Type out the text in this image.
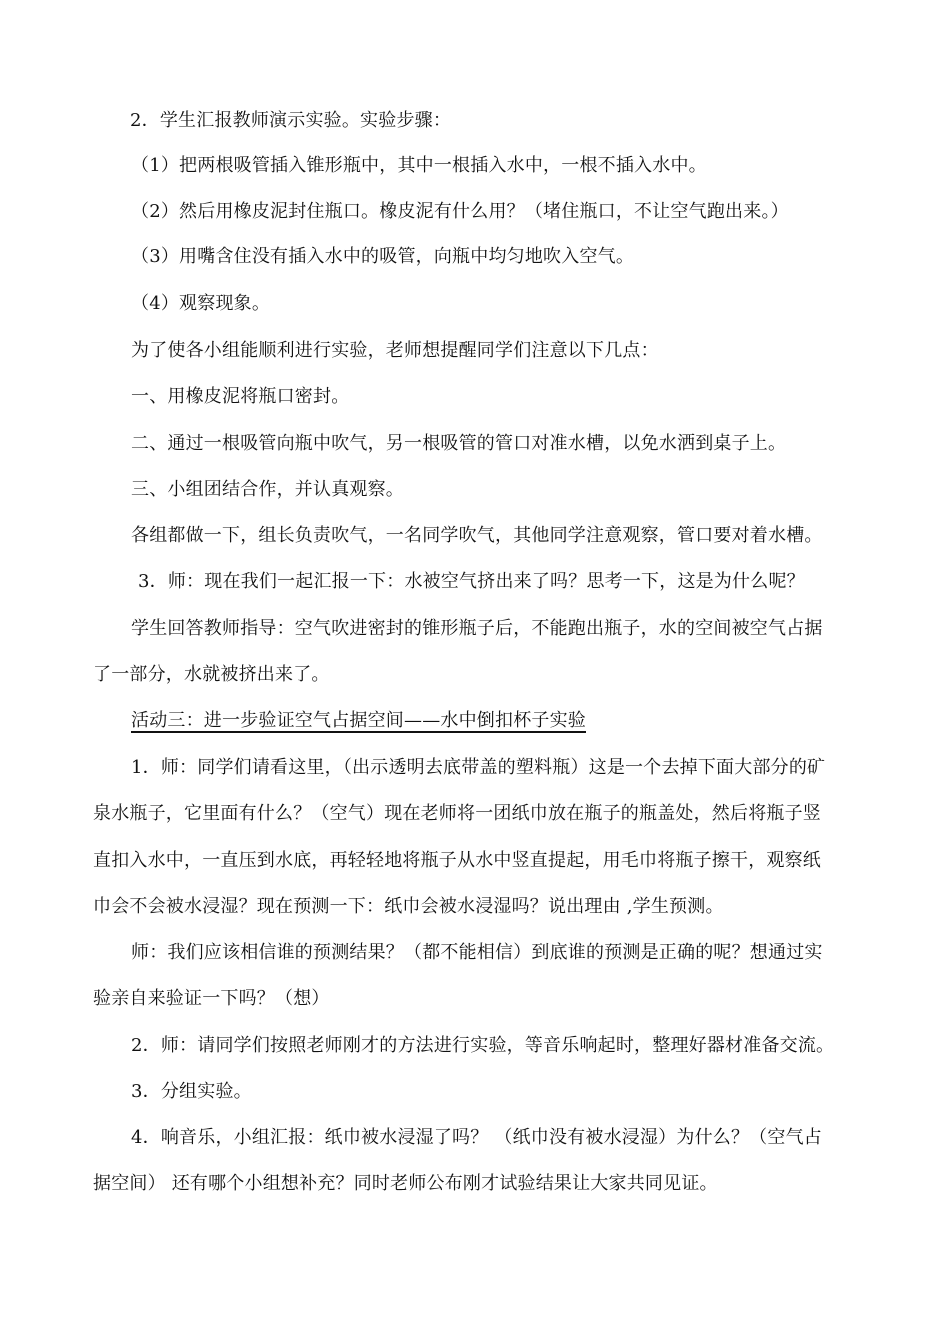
2．学生汇报教师演示实验。实验步骤：
（1）把两根吸管插入锥形瓶中，其中一根插入水中，一根不插入水中。
（2）然后用橡皮泥封住瓶口。橡皮泥有什么用？（堵住瓶口，不让空气跑出来。）
（3）用嘴含住没有插入水中的吸管，向瓶中均匀地吹入空气。
（4）观察现象。
为了使各小组能顺利进行实验，老师想提醒同学们注意以下几点：
一、用橡皮泥将瓶口密封。
二、通过一根吸管向瓶中吹气，另一根吸管的管口对准水槽，以免水洒到桌子上。
三、小组团结合作，并认真观察。
各组都做一下，组长负责吹气，一名同学吹气，其他同学注意观察，管口要对着水槽。
3．师：现在我们一起汇报一下：水被空气挤出来了吗？思考一下，这是为什么呢？
学生回答教师指导：空气吹进密封的锥形瓶子后，不能跑出瓶子，水的空间被空气占据
了一部分，水就被挤出来了。
活动三：进一步验证空气占据空间——水中倒扣杯子实验
1．师：同学们请看这里，（出示透明去底带盖的塑料瓶）这是一个去掉下面大部分的矿
泉水瓶子，它里面有什么？（空气）现在老师将一团纸巾放在瓶子的瓶盖处，然后将瓶子竖
直扣入水中，一直压到水底，再轻轻地将瓶子从水中竖直提起，用毛巾将瓶子擦干，观察纸
巾会不会被水浸湿？现在预测一下：纸巾会被水浸湿吗？说出理由 ,学生预测。
师：我们应该相信谁的预测结果？（都不能相信）到底谁的预测是正确的呢？想通过实
验亲自来验证一下吗？（想）
2．师：请同学们按照老师刚才的方法进行实验，等音乐响起时，整理好器材准备交流。
3．分组实验。
4．响音乐，小组汇报：纸巾被水浸湿了吗？ （纸巾没有被水浸湿）为什么？（空气占
据空间） 还有哪个小组想补充？同时老师公布刚才试验结果让大家共同见证。
